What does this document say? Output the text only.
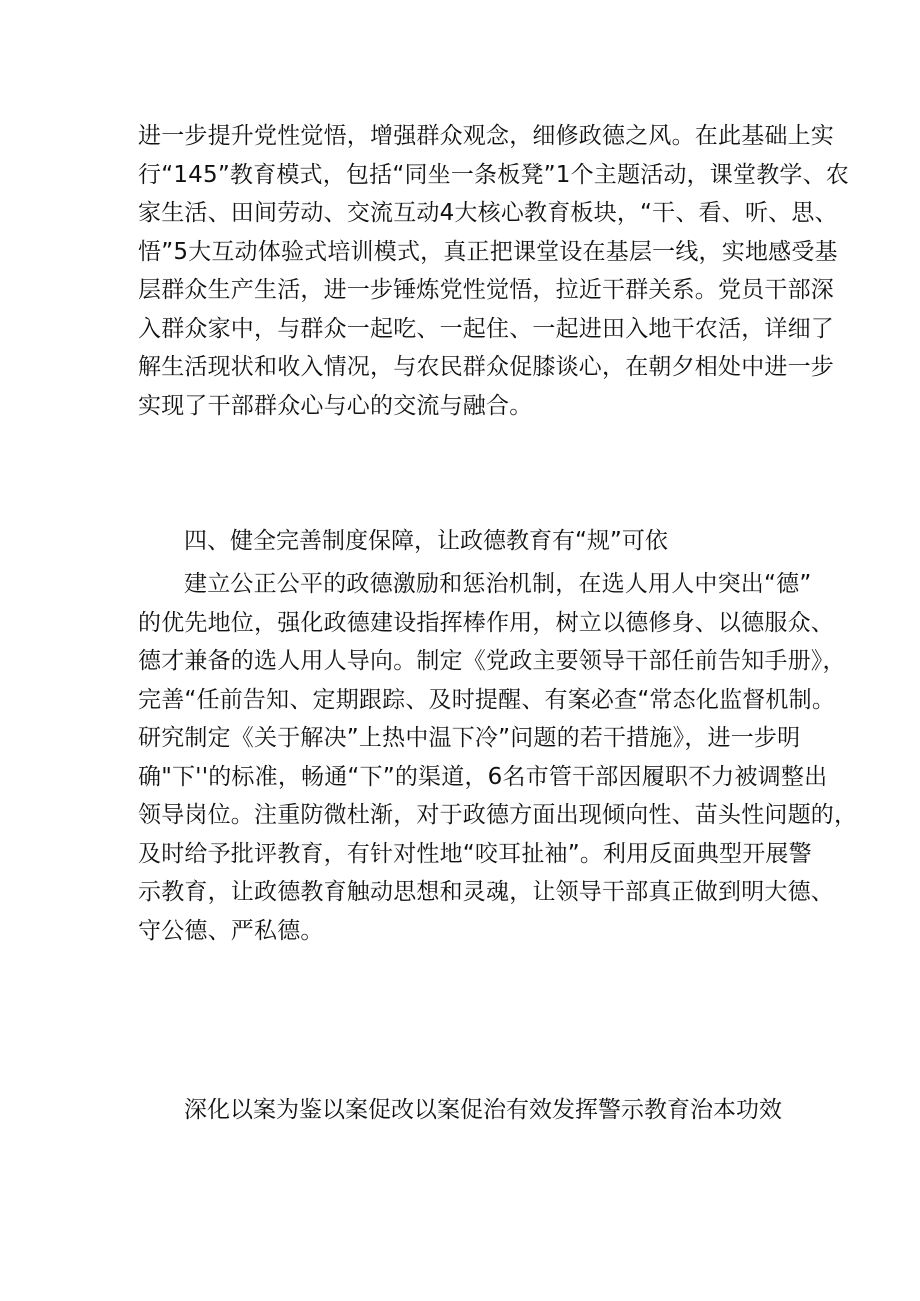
进一步提升党性觉悟，增强群众观念，细修政德之风。在此基础上实
行“145”教育模式，包括“同坐一条板凳”1个主题活动，课堂教学、农
家生活、田间劳动、交流互动4大核心教育板块，“干、看、听、思、
悟”5大互动体验式培训模式，真正把课堂设在基层一线，实地感受基
层群众生产生活，进一步锤炼党性觉悟，拉近干群关系。党员干部深
入群众家中，与群众一起吃、一起住、一起进田入地干农活，详细了
解生活现状和收入情况，与农民群众促膝谈心，在朝夕相处中进一步
实现了干部群众心与心的交流与融合。
四、健全完善制度保障，让政德教育有“规”可依
建立公正公平的政德激励和惩治机制，在选人用人中突出“德”
的优先地位，强化政德建设指挥棒作用，树立以德修身、以德服众、
德才兼备的选人用人导向。制定《党政主要领导干部任前告知手册》，
完善“任前告知、定期跟踪、及时提醒、有案必查“常态化监督机制。
研究制定《关于解决”上热中温下冷”问题的若干措施》，进一步明
确"下''的标准，畅通“下”的渠道，6名市管干部因履职不力被调整出
领导岗位。注重防微杜渐，对于政德方面出现倾向性、苗头性问题的，
及时给予批评教育，有针对性地“咬耳扯袖”。利用反面典型开展警
示教育，让政德教育触动思想和灵魂，让领导干部真正做到明大德、
守公德、严私德。
深化以案为鉴以案促改以案促治有效发挥警示教育治本功效
